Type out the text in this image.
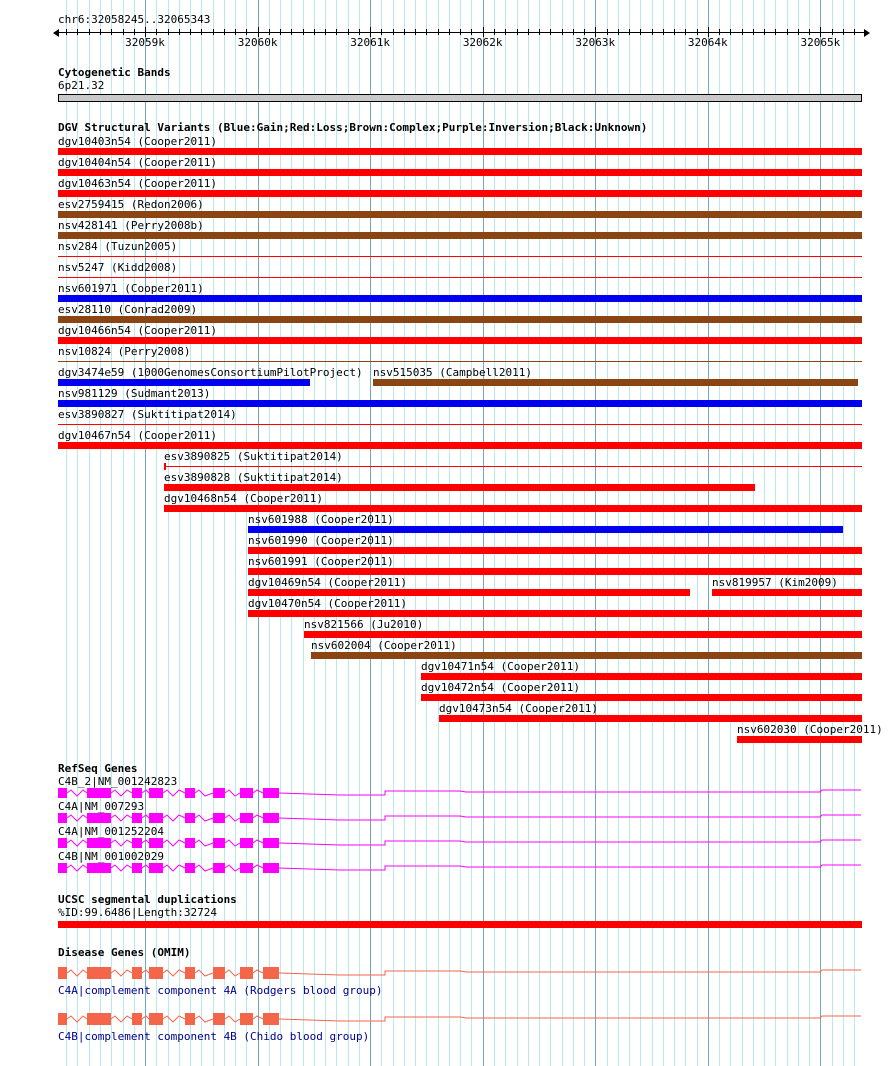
chr6:32058245..32065343
32059k	32060k	32061k	32062k	32063k	32064k	32065k
Cytogenetic Bands
6p21.32
DGV Structural Variants (Blue:Gain;Red:Loss;Brown:Complex;Purple:Inversion;Black:Unknown)
dgv10403n54 (Cooper2011)
dgv10404n54 (Cooper2011)
dgv10463n54 (Cooper2011)
esv2759415 (Redon2006)
nsv428141 (Perry2008b)
nsv284 (Tuzun2005)
nsv5247 (Kidd2008)
nsv601971 (Cooper2011)
esv28110 (Conrad2009)
dgv10466n54 (Cooper2011)
nsv10824 (Perry2008)
dgv3474e59 (1000GenomesConsortiumPilotProject) nsv515035 (Campbell2011)
nsv981129 (Sudmant2013)
esv3890827 (Suktitipat2014)
dgv10467n54 (Cooper2011)
esv3890825 (Suktitipat2014)
esv3890828 (Suktitipat2014)
dgv10468n54 (Cooper2011)
nsv601988 (Cooper2011)
nsv601990 (Cooper2011)
nsv601991 (Cooper2011)
dgv10469n54 (Cooper2011)	nsv819957 (Kim2009)
dgv10470n54 (Cooper2011)
nsv821566 (Ju2010)
nsv602004 (Cooper2011)
dgv10471n54 (Cooper2011)
dgv10472n54 (Cooper2011)
dgv10473n54 (Cooper2011)
nsv602030 (Cooper2011)
RefSeq Genes
C4B_2|NM_001242823
C4A|NM_007293
C4A|NM_001252204
C4B|NM_001002029
UCSC segmental duplications
%ID:99.6486|Length:32724
Disease Genes (OMIM)
C4A|complement component 4A (Rodgers blood group)
C4B|complement component 4B (Chido blood group)
